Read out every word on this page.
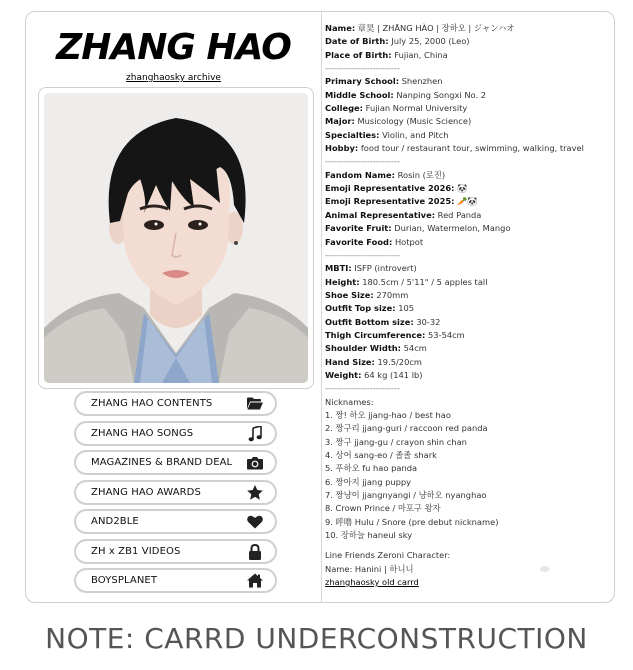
ZHANG HAO
zhanghaosky archive
ZHANG HAO CONTENTS
ZHANG HAO SONGS
MAGAZINES & BRAND DEAL
ZHANG HAO AWARDS
AND2BLE
ZH x ZB1 VIDEOS
BOYSPLANET
Name: 章昊 | ZHĀNG HÀO | 장하오 | ジャンハオ
Date of Birth: July 25, 2000 (Leo)
Place of Birth: Fujian, China
-------------------------
Primary School: Shenzhen
Middle School: Nanping Songxi No. 2
College: Fujian Normal University
Major: Musicology (Music Science)
Specialties: Violin, and Pitch
Hobby: food tour / restaurant tour, swimming, walking, travel
-------------------------
Fandom Name: Rosin (로진)
Emoji Representative 2026: 🐼
Emoji Representative 2025: 🥕🐼
Animal Representative: Red Panda
Favorite Fruit: Durian, Watermelon, Mango
Favorite Food: Hotpot
-------------------------
MBTI: ISFP (introvert)
Height: 180.5cm / 5'11" / 5 apples tall
Shoe Size: 270mm
Outfit Top size: 105
Outfit Bottom size: 30-32
Thigh Circumference: 53-54cm
Shoulder Width: 54cm
Hand Size: 19.5/20cm
Weight: 64 kg (141 lb)
-------------------------
Nicknames:
1. 짱! 하오 jjang-hao / best hao
2. 짱구리 jjang-guri / raccoon red panda
3. 짱구 jjang-gu / crayon shin chan
4. 상어 sang-eo / 졸졸 shark
5. 푸하오 fu hao panda
6. 짱아지 jjang puppy
7. 짱냥이 jjangnyangi / 냥하오 nyanghao
8. Crown Prince / 마포구 왕자
9. 呼噜 Hulu / Snore (pre debut nickname)
10. 장하늘 haneul sky
Line Friends Zeroni Character:
Name: Hanini | 하니니
zhanghaosky old carrd
NOTE: CARRD UNDERCONSTRUCTION
